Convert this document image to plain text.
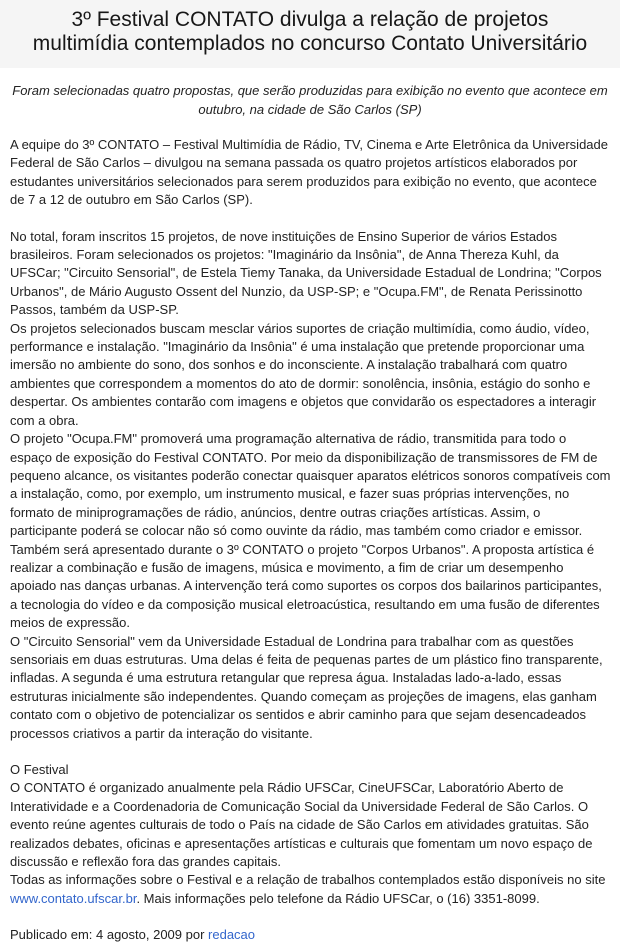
3º Festival CONTATO divulga a relação de projetos multimídia contemplados no concurso Contato Universitário

Foram selecionadas quatro propostas, que serão produzidas para exibição no evento que acontece em outubro, na cidade de São Carlos (SP)

A equipe do 3º CONTATO – Festival Multimídia de Rádio, TV, Cinema e Arte Eletrônica da Universidade Federal de São Carlos – divulgou na semana passada os quatro projetos artísticos elaborados por estudantes universitários selecionados para serem produzidos para exibição no evento, que acontece de 7 a 12 de outubro em São Carlos (SP).

No total, foram inscritos 15 projetos, de nove instituições de Ensino Superior de vários Estados brasileiros. Foram selecionados os projetos: "Imaginário da Insônia", de Anna Thereza Kuhl, da UFSCar; "Circuito Sensorial", de Estela Tiemy Tanaka, da Universidade Estadual de Londrina; "Corpos Urbanos", de Mário Augusto Ossent del Nunzio, da USP-SP; e "Ocupa.FM", de Renata Perissinotto Passos, também da USP-SP.

Os projetos selecionados buscam mesclar vários suportes de criação multimídia, como áudio, vídeo, performance e instalação. "Imaginário da Insônia" é uma instalação que pretende proporcionar uma imersão no ambiente do sono, dos sonhos e do inconsciente. A instalação trabalhará com quatro ambientes que correspondem a momentos do ato de dormir: sonolência, insônia, estágio do sonho e despertar. Os ambientes contarão com imagens e objetos que convidarão os espectadores a interagir com a obra.

O projeto "Ocupa.FM" promoverá uma programação alternativa de rádio, transmitida para todo o espaço de exposição do Festival CONTATO. Por meio da disponibilização de transmissores de FM de pequeno alcance, os visitantes poderão conectar quaisquer aparatos elétricos sonoros compatíveis com a instalação, como, por exemplo, um instrumento musical, e fazer suas próprias intervenções, no formato de miniprogramações de rádio, anúncios, dentre outras criações artísticas. Assim, o participante poderá se colocar não só como ouvinte da rádio, mas também como criador e emissor.

Também será apresentado durante o 3º CONTATO o projeto "Corpos Urbanos". A proposta artística é realizar a combinação e fusão de imagens, música e movimento, a fim de criar um desempenho apoiado nas danças urbanas. A intervenção terá como suportes os corpos dos bailarinos participantes, a tecnologia do vídeo e da composição musical eletroacústica, resultando em uma fusão de diferentes meios de expressão.

O "Circuito Sensorial" vem da Universidade Estadual de Londrina para trabalhar com as questões sensoriais em duas estruturas. Uma delas é feita de pequenas partes de um plástico fino transparente, infladas. A segunda é uma estrutura retangular que represa água. Instaladas lado-a-lado, essas estruturas inicialmente são independentes. Quando começam as projeções de imagens, elas ganham contato com o objetivo de potencializar os sentidos e abrir caminho para que sejam desencadeados processos criativos a partir da interação do visitante.

O Festival

O CONTATO é organizado anualmente pela Rádio UFSCar, CineUFSCar, Laboratório Aberto de Interatividade e a Coordenadoria de Comunicação Social da Universidade Federal de São Carlos. O evento reúne agentes culturais de todo o País na cidade de São Carlos em atividades gratuitas. São realizados debates, oficinas e apresentações artísticas e culturais que fomentam um novo espaço de discussão e reflexão fora das grandes capitais.

Todas as informações sobre o Festival e a relação de trabalhos contemplados estão disponíveis no site www.contato.ufscar.br. Mais informações pelo telefone da Rádio UFSCar, o (16) 3351-8099.

Publicado em: 4 agosto, 2009 por redacao
